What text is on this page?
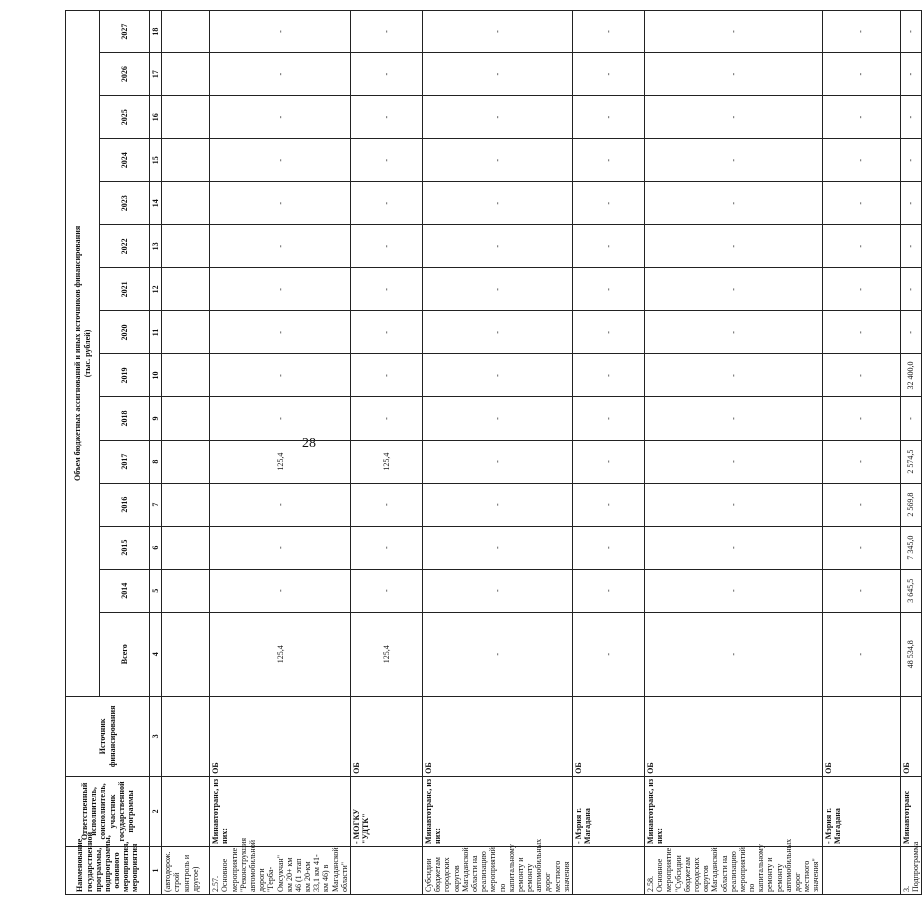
28
Наименование государственной программы, подпрограммы, основного мероприятия, мероприятия	Ответственный исполнитель, соисполнитель, участник государственной программы	Источник финансирования	Объем бюджетных ассигнований и иных источников финансирования (тыс. рублей)														

			Всего	2014	2015	2016	2017	2018	2019	2020	2021	2022	2023	2024	2025	2026	2027
1	2	3	4	5	6	7	8	9	10	11	12	13	14	15	16	17	18
(автодорож. строй контроль и другое)																	
2.57. Основное мероприятие "Реконструкция автомобильной дороги "Герба-Омсукчан" км 20+ км 46 (1 этап км 20-км 33,1 км 41-км 46) в Магаданской области"	Минавтотранс, из них:	ОБ	125,4	-	-	-	125,4	-	-	-	-	-	-	-	-	-	-
	- МОГКУ "УДТК"	ОБ	125,4	-	-	-	125,4	-	-	-	-	-	-	-	-	-	-
Субсидии бюджетам городских округов Магаданской области на реализацию мероприятий по капитальному ремонту и ремонту автомобильных дорог местного значения	Минавтотранс, из них:	ОБ	-	-	-	-	-	-	-	-	-	-	-	-	-	-	-
	- Мэрия г. Магадана	ОБ	-	-	-	-	-	-	-	-	-	-	-	-	-	-	-
2.58. Основное мероприятие "Субсидии бюджетам городских округов Магаданской области на реализацию мероприятий по капитальному ремонту и ремонту автомобильных дорог местного значения"	Минавтотранс, из них:	ОБ	-	-	-	-	-	-	-	-	-	-	-	-	-	-	-
	- Мэрия г. Магадана	ОБ	-	-	-	-	-	-	-	-	-	-	-	-	-	-	-
3. Подпрограмма	Минавтотранс	ОБ	48 534,8	3 645,5	7 345,0	2 569,8	2 574,5	-	32 400,0	-	-	-	-	-	-	-	-
